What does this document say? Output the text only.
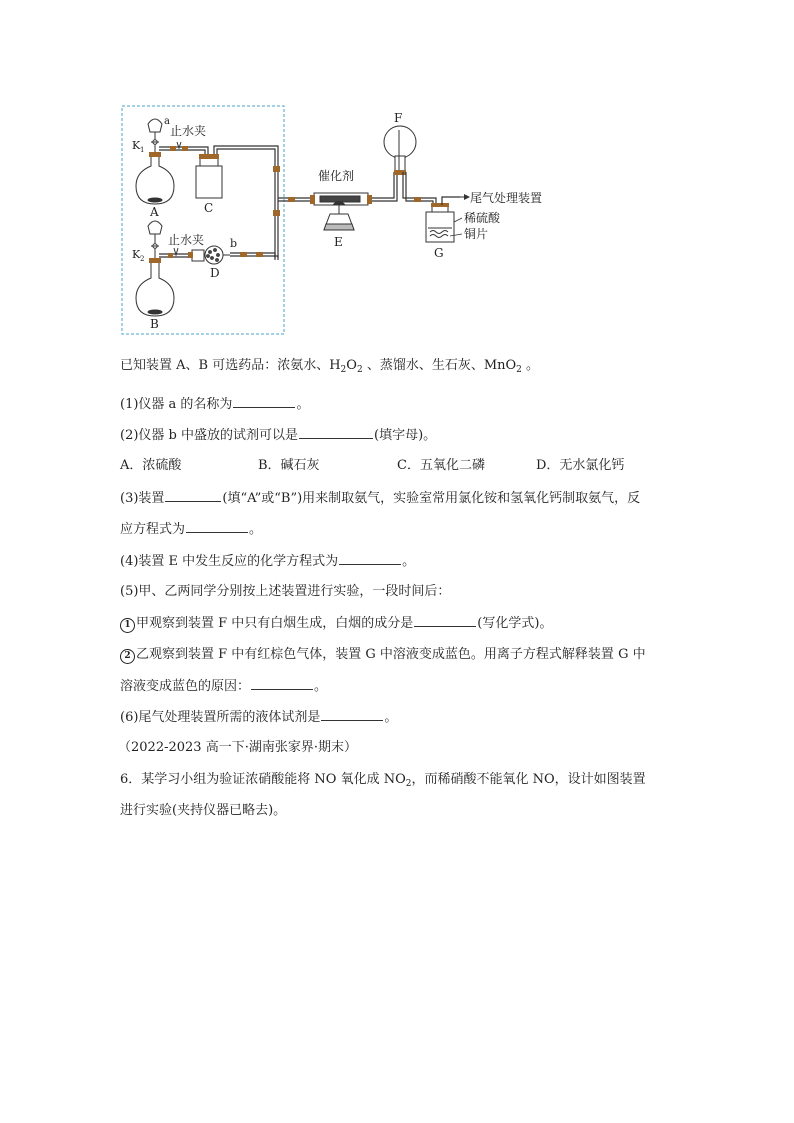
a
K 1
止水夹
A	C
K 2
止水夹 b
D
B
催化剂
E
F
尾气处理装置
稀硫酸
铜片
G
已知装置 A、B 可选药品：浓氨水、$H_2O_2$ 、蒸馏水、生石灰、MnO$_2$ 。
(1)仪器 a 的名称为	。
(2)仪器 b 中盛放的试剂可以是	(填字母)。
A．浓硫酸	B．碱石灰	C．五氧化二磷	D．无水氯化钙
(3)装置	(填“A”或“B”)用来制取氨气，实验室常用氯化铵和氢氧化钙制取氨气，反
应方程式为	。
(4)装置 E 中发生反应的化学方程式为	。
(5)甲、乙两同学分别按上述装置进行实验，一段时间后：
1 甲观察到装置 F 中只有白烟生成，白烟的成分是	(写化学式)。
2 乙观察到装置 F 中有红棕色气体，装置 G 中溶液变成蓝色。用离子方程式解释装置 G 中
溶液变成蓝色的原因：	。
(6)尾气处理装置所需的液体试剂是	。
（2022-2023 高一下·湖南张家界·期末）
6．某学习小组为验证浓硝酸能将 NO 氧化成 $NO_2$，而稀硝酸不能氧化 NO，设计如图装置
进行实验(夹持仪器已略去)。
